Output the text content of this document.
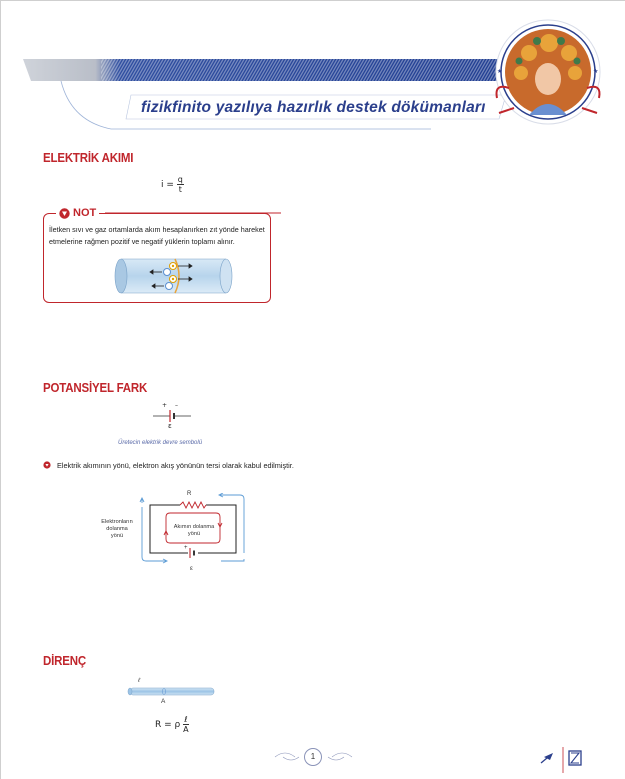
fizikfinito yazılıya hazırlık destek dökümanları
★	★
ELEKTRİK AKIMI
$i = \frac{q}{t}$
NOT
İletken sıvı ve gaz ortamlarda akım hesaplanırken zıt yönde hareket etmelerine rağmen pozitif ve negatif yüklerin toplamı alınır.
POTANSİYEL FARK
+ –
ε
Üretecin elektrik devre sembolü
Elektrik akımının yönü, elektron akış yönünün tersi olarak kabul edilmiştir.
R
ε
+
Elektronların
dolanma
yönü
Akımın dolanma
yönü
DİRENÇ
ℓ
A
R = ρ $\frac{\text{ℓ}}{A}$
1
